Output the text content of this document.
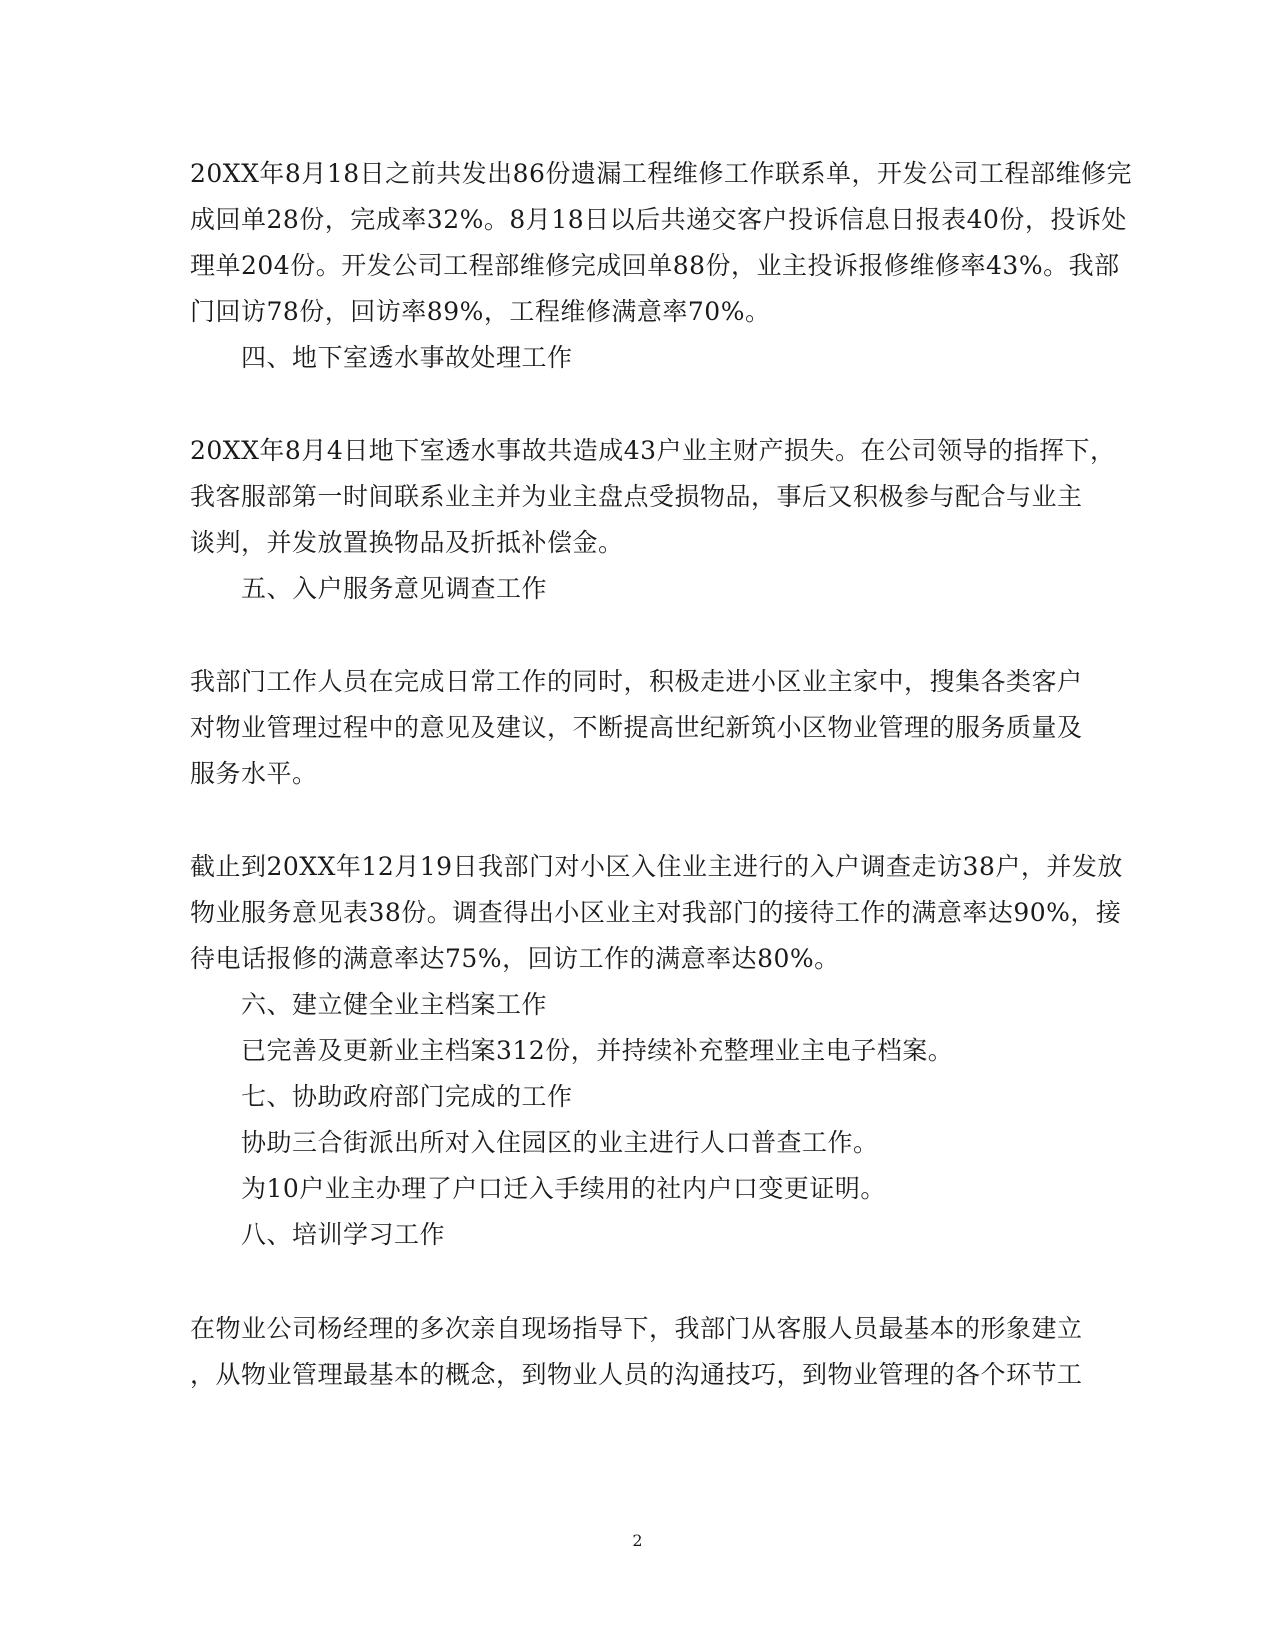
20XX年8月18日之前共发出86份遗漏工程维修工作联系单，开发公司工程部维修完
成回单28份，完成率32%。8月18日以后共递交客户投诉信息日报表40份，投诉处
理单204份。开发公司工程部维修完成回单88份，业主投诉报修维修率43%。我部
门回访78份，回访率89%，工程维修满意率70%。
四、地下室透水事故处理工作
20XX年8月4日地下室透水事故共造成43户业主财产损失。在公司领导的指挥下，
我客服部第一时间联系业主并为业主盘点受损物品，事后又积极参与配合与业主
谈判，并发放置换物品及折抵补偿金。
五、入户服务意见调查工作
我部门工作人员在完成日常工作的同时，积极走进小区业主家中，搜集各类客户
对物业管理过程中的意见及建议，不断提高世纪新筑小区物业管理的服务质量及
服务水平。
截止到20XX年12月19日我部门对小区入住业主进行的入户调查走访38户，并发放
物业服务意见表38份。调查得出小区业主对我部门的接待工作的满意率达90%，接
待电话报修的满意率达75%，回访工作的满意率达80%。
六、建立健全业主档案工作
已完善及更新业主档案312份，并持续补充整理业主电子档案。
七、协助政府部门完成的工作
协助三合街派出所对入住园区的业主进行人口普查工作。
为10户业主办理了户口迁入手续用的社内户口变更证明。
八、培训学习工作
在物业公司杨经理的多次亲自现场指导下，我部门从客服人员最基本的形象建立
，从物业管理最基本的概念，到物业人员的沟通技巧，到物业管理的各个环节工
2
